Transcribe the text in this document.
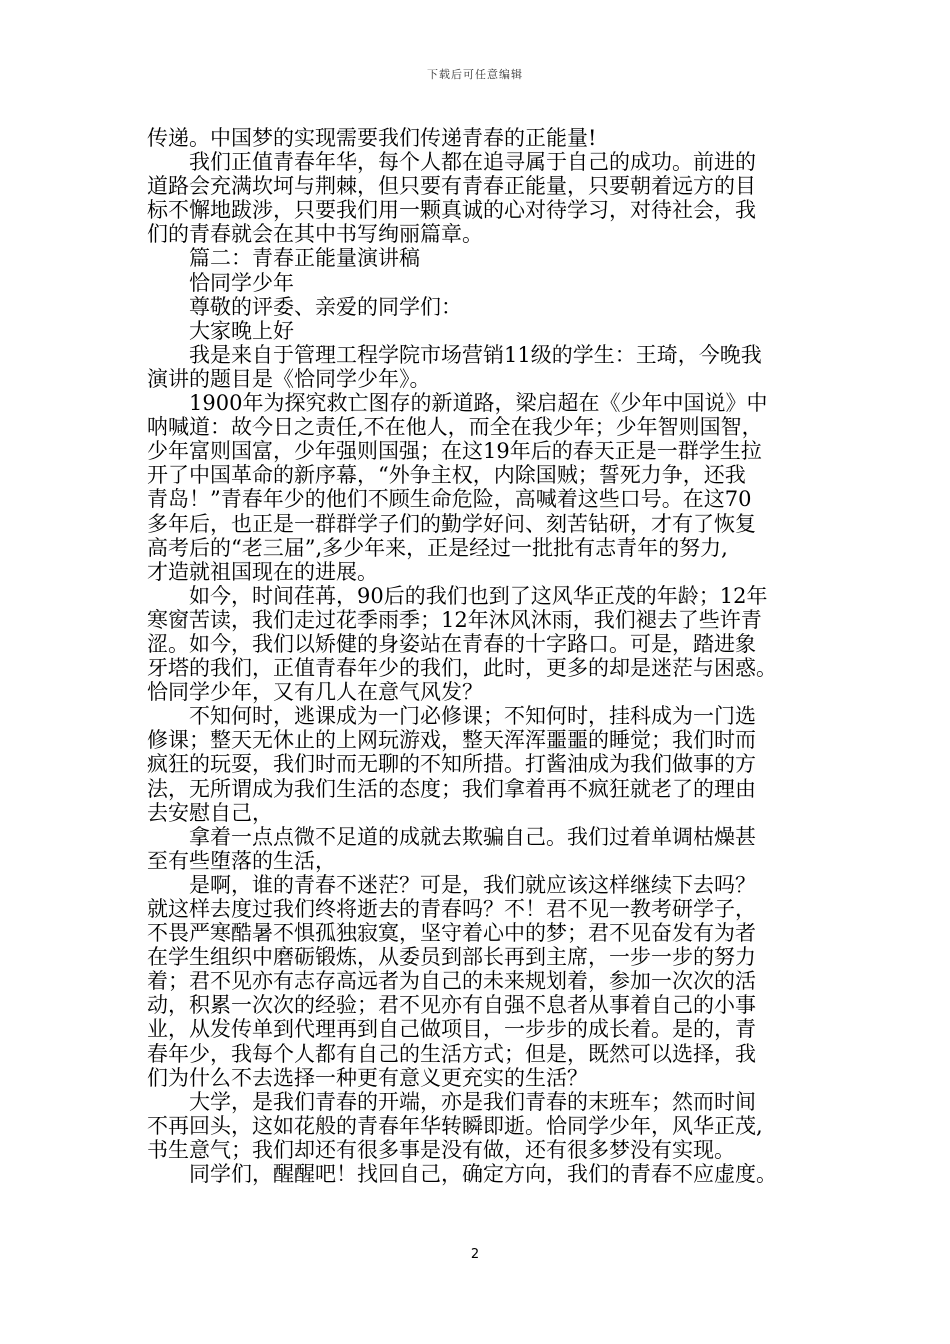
下载后可任意编辑
传递。中国梦的实现需要我们传递青春的正能量!
我们正值青春年华，每个人都在追寻属于自己的成功。前进的
道路会充满坎坷与荆棘，但只要有青春正能量，只要朝着远方的目
标不懈地跋涉，只要我们用一颗真诚的心对待学习，对待社会，我
们的青春就会在其中书写绚丽篇章。
篇二：青春正能量演讲稿
恰同学少年
尊敬的评委、亲爱的同学们：
大家晚上好
我是来自于管理工程学院市场营销11级的学生：王琦，今晚我
演讲的题目是《恰同学少年》。
1900年为探究救亡图存的新道路，梁启超在《少年中国说》中
呐喊道：故今日之责任,不在他人，而全在我少年；少年智则国智，
少年富则国富，少年强则国强；在这19年后的春天正是一群学生拉
开了中国革命的新序幕，“外争主权，内除国贼；誓死力争，还我
青岛！”青春年少的他们不顾生命危险，高喊着这些口号。在这70
多年后，也正是一群群学子们的勤学好问、刻苦钻研，才有了恢复
高考后的“老三届”,多少年来，正是经过一批批有志青年的努力,
才造就祖国现在的进展。
如今，时间荏苒，90后的我们也到了这风华正茂的年龄；12年
寒窗苦读，我们走过花季雨季；12年沐风沐雨，我们褪去了些许青
涩。如今，我们以矫健的身姿站在青春的十字路口。可是，踏进象
牙塔的我们，正值青春年少的我们，此时，更多的却是迷茫与困惑。
恰同学少年，又有几人在意气风发？
不知何时，逃课成为一门必修课；不知何时，挂科成为一门选
修课；整天无休止的上网玩游戏，整天浑浑噩噩的睡觉；我们时而
疯狂的玩耍，我们时而无聊的不知所措。打酱油成为我们做事的方
法，无所谓成为我们生活的态度；我们拿着再不疯狂就老了的理由
去安慰自己，
拿着一点点微不足道的成就去欺骗自己。我们过着单调枯燥甚
至有些堕落的生活，
是啊，谁的青春不迷茫？可是，我们就应该这样继续下去吗？
就这样去度过我们终将逝去的青春吗？不！君不见一教考研学子，
不畏严寒酷暑不惧孤独寂寞，坚守着心中的梦；君不见奋发有为者
在学生组织中磨砺锻炼，从委员到部长再到主席，一步一步的努力
着；君不见亦有志存高远者为自己的未来规划着，参加一次次的活
动，积累一次次的经验；君不见亦有自强不息者从事着自己的小事
业，从发传单到代理再到自己做项目，一步步的成长着。是的，青
春年少，我每个人都有自己的生活方式；但是，既然可以选择，我
们为什么不去选择一种更有意义更充实的生活？
大学，是我们青春的开端，亦是我们青春的末班车；然而时间
不再回头，这如花般的青春年华转瞬即逝。恰同学少年，风华正茂,
书生意气；我们却还有很多事是没有做，还有很多梦没有实现。
同学们，醒醒吧！找回自己，确定方向，我们的青春不应虚度。
2
